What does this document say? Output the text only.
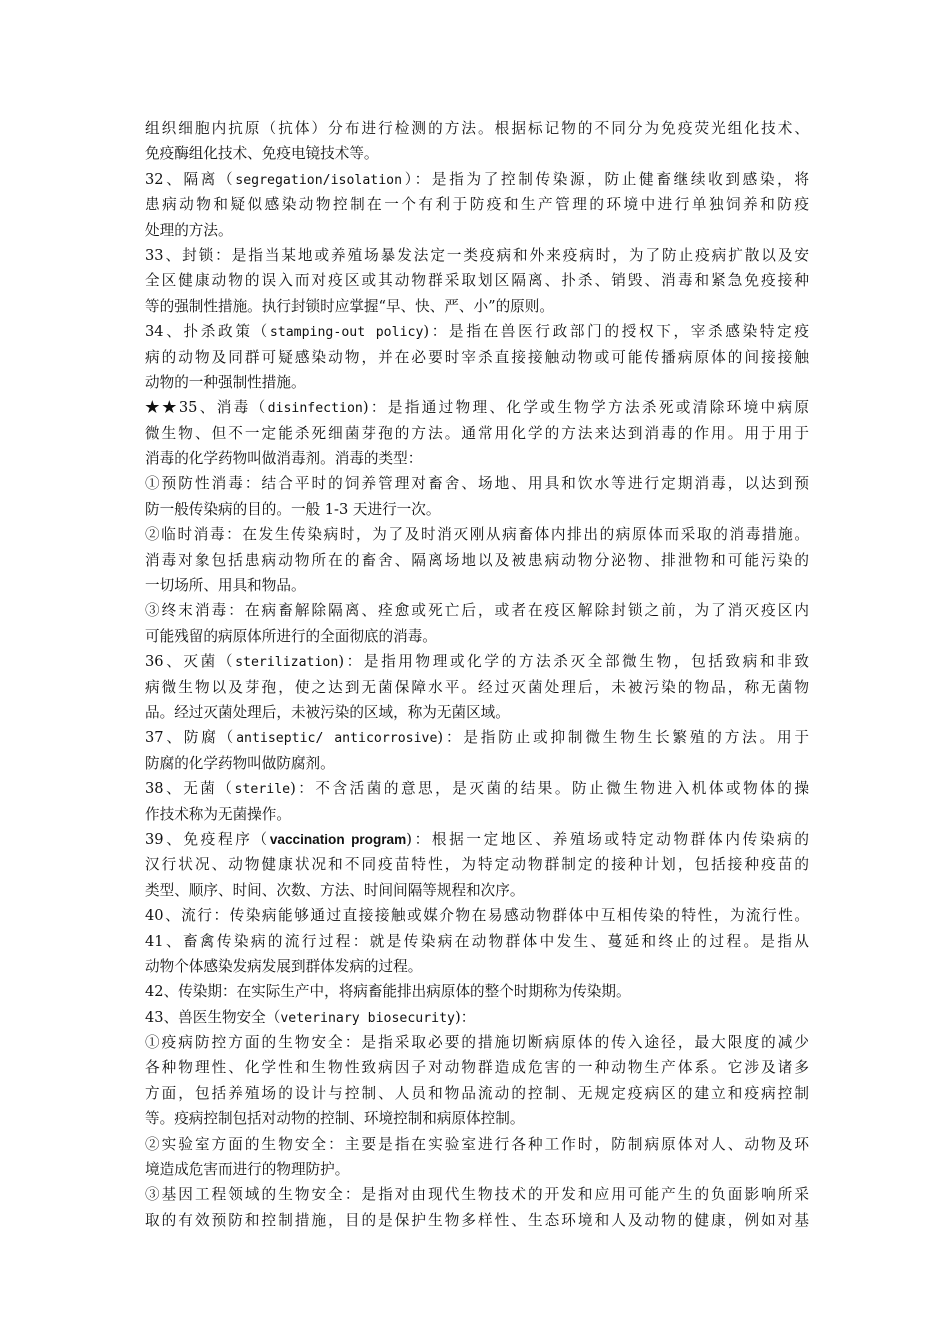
组织细胞内抗原（抗体）分布进行检测的方法。根据标记物的不同分为免疫荧光组化技术、
免疫酶组化技术、免疫电镜技术等。
32、隔离（segregation/isolation）：是指为了控制传染源，防止健畜继续收到感染，将
患病动物和疑似感染动物控制在一个有利于防疫和生产管理的环境中进行单独饲养和防疫
处理的方法。
33、封锁：是指当某地或养殖场暴发法定一类疫病和外来疫病时，为了防止疫病扩散以及安
全区健康动物的误入而对疫区或其动物群采取划区隔离、扑杀、销毁、消毒和紧急免疫接种
等的强制性措施。执行封锁时应掌握“早、快、严、小”的原则。
34、扑杀政策（stamping-out policy)：是指在兽医行政部门的授权下，宰杀感染特定疫
病的动物及同群可疑感染动物，并在必要时宰杀直接接触动物或可能传播病原体的间接接触
动物的一种强制性措施。
★★35、消毒（disinfection)：是指通过物理、化学或生物学方法杀死或清除环境中病原
微生物、但不一定能杀死细菌芽孢的方法。通常用化学的方法来达到消毒的作用。用于用于
消毒的化学药物叫做消毒剂。消毒的类型：
①预防性消毒：结合平时的饲养管理对畜舍、场地、用具和饮水等进行定期消毒，以达到预
防一般传染病的目的。一般 1-3 天进行一次。
②临时消毒：在发生传染病时，为了及时消灭刚从病畜体内排出的病原体而采取的消毒措施。
消毒对象包括患病动物所在的畜舍、隔离场地以及被患病动物分泌物、排泄物和可能污染的
一切场所、用具和物品。
③终末消毒：在病畜解除隔离、痊愈或死亡后，或者在疫区解除封锁之前，为了消灭疫区内
可能残留的病原体所进行的全面彻底的消毒。
36、灭菌（sterilization)：是指用物理或化学的方法杀灭全部微生物，包括致病和非致
病微生物以及芽孢，使之达到无菌保障水平。经过灭菌处理后，未被污染的物品，称无菌物
品。经过灭菌处理后，未被污染的区域，称为无菌区域。
37、防腐（antiseptic/ anticorrosive)：是指防止或抑制微生物生长繁殖的方法。用于
防腐的化学药物叫做防腐剂。
38、无菌（sterile)：不含活菌的意思，是灭菌的结果。防止微生物进入机体或物体的操
作技术称为无菌操作。
39、免疫程序（vaccination program)：根据一定地区、养殖场或特定动物群体内传染病的
汉行状况、动物健康状况和不同疫苗特性，为特定动物群制定的接种计划，包括接种疫苗的
类型、顺序、时间、次数、方法、时间间隔等规程和次序。
40、流行：传染病能够通过直接接触或媒介物在易感动物群体中互相传染的特性，为流行性。
41、畜禽传染病的流行过程：就是传染病在动物群体中发生、蔓延和终止的过程。是指从
动物个体感染发病发展到群体发病的过程。
42、传染期：在实际生产中，将病畜能排出病原体的整个时期称为传染期。
43、兽医生物安全（veterinary biosecurity)：
①疫病防控方面的生物安全：是指采取必要的措施切断病原体的传入途径，最大限度的减少
各种物理性、化学性和生物性致病因子对动物群造成危害的一种动物生产体系。它涉及诸多
方面，包括养殖场的设计与控制、人员和物品流动的控制、无规定疫病区的建立和疫病控制
等。疫病控制包括对动物的控制、环境控制和病原体控制。
②实验室方面的生物安全：主要是指在实验室进行各种工作时，防制病原体对人、动物及环
境造成危害而进行的物理防护。
③基因工程领域的生物安全：是指对由现代生物技术的开发和应用可能产生的负面影响所采
取的有效预防和控制措施，目的是保护生物多样性、生态环境和人及动物的健康，例如对基
